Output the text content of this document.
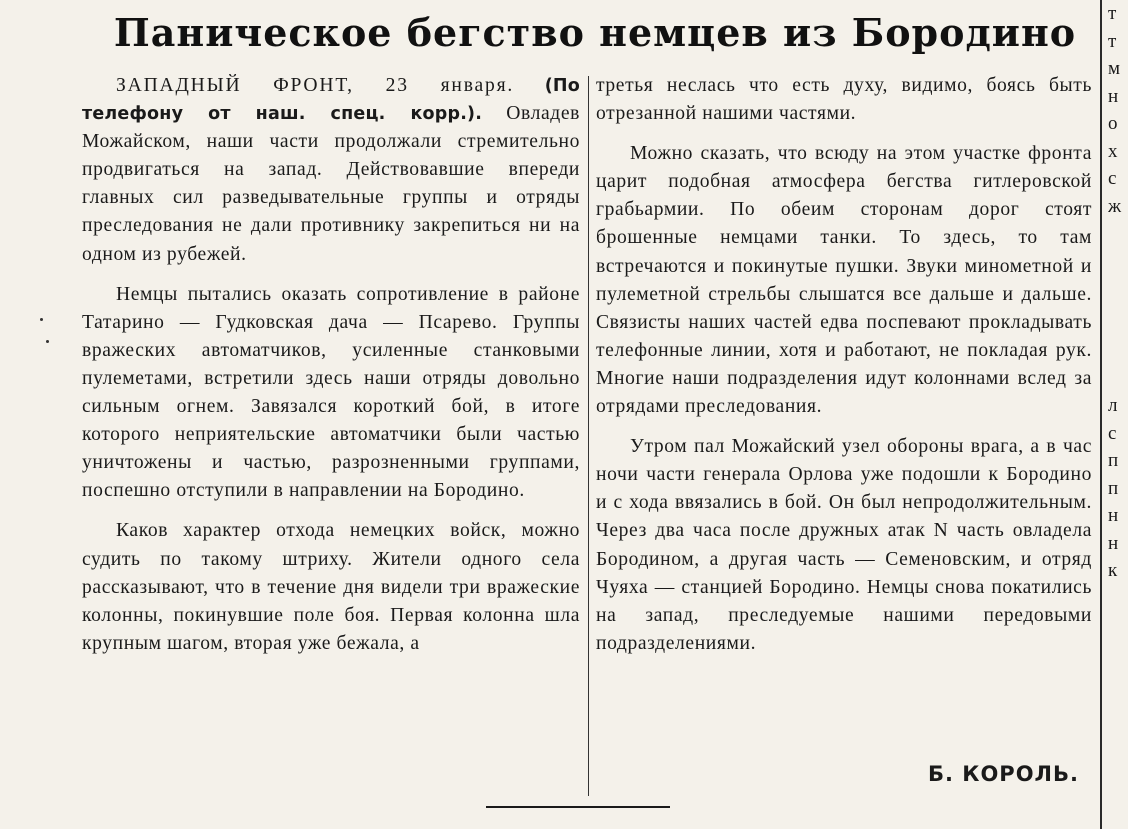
Паническое бегство немцев из Бородино

ЗАПАДНЫЙ ФРОНТ, 23 января. (По телефону от наш. спец. корр.). Овладев Можайском, наши части продолжали стремительно продвигаться на запад. Действовавшие впереди главных сил разведывательные группы и отряды преследования не дали противнику закрепиться ни на одном из рубежей.

Немцы пытались оказать сопротивление в районе Татарино — Гудковская дача — Псарево. Группы вражеских автоматчиков, усиленные станковыми пулеметами, встретили здесь наши отряды довольно сильным огнем. Завязался короткий бой, в итоге которого неприятельские автоматчики были частью уничтожены и частью, разрозненными группами, поспешно отступили в направлении на Бородино.

Каков характер отхода немецких войск, можно судить по такому штриху. Жители одного села рассказывают, что в течение дня видели три вражеские колонны, покинувшие поле боя. Первая колонна шла крупным шагом, вторая уже бежала, а

третья неслась что есть духу, видимо, боясь быть отрезанной нашими частями.

Можно сказать, что всюду на этом участке фронта царит подобная атмосфера бегства гитлеровской грабьармии. По обеим сторонам дорог стоят брошенные немцами танки. То здесь, то там встречаются и покинутые пушки. Звуки минометной и пулеметной стрельбы слышатся все дальше и дальше. Связисты наших частей едва поспевают прокладывать телефонные линии, хотя и работают, не покладая рук. Многие наши подразделения идут колоннами вслед за отрядами преследования.

Утром пал Можайский узел обороны врага, а в час ночи части генерала Орлова уже подошли к Бородино и с хода ввязались в бой. Он был непродолжительным. Через два часа после дружных атак N часть овладела Бородином, а другая часть — Семеновским, и отряд Чуяха — станцией Бородино. Немцы снова покатились на запад, преследуемые нашими передовыми подразделениями.

Б. КОРОЛЬ.
т
т
м
н
о
х
с
ж
л
с
п
п
н
н
к
